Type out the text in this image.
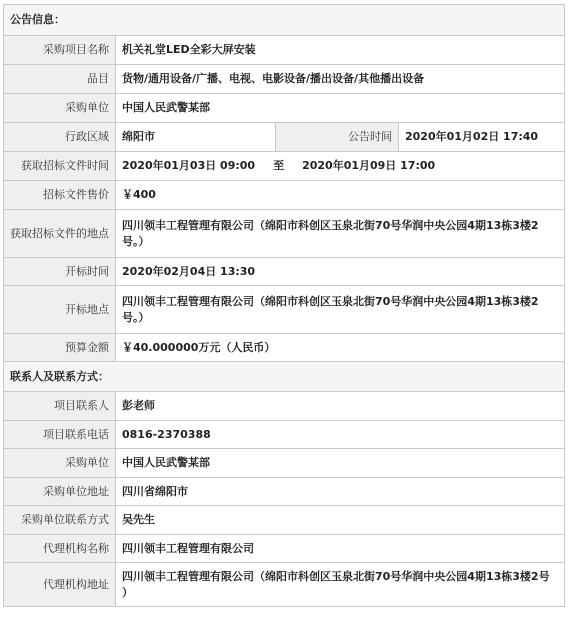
公告信息：			
采购项目名称	机关礼堂LED全彩大屏安装		
品目	货物/通用设备/广播、电视、电影设备/播出设备/其他播出设备		
采购单位	中国人民武警某部		
行政区域	绵阳市	公告时间	2020年01月02日 17:40
获取招标文件时间	2020年01月03日 09:00 至 2020年01月09日 17:00		
招标文件售价	￥400		
获取招标文件的地点	四川领丰工程管理有限公司（绵阳市科创区玉泉北街70号华润中央公园4期13栋3楼2号。）		
开标时间	2020年02月04日 13:30		
开标地点	四川领丰工程管理有限公司（绵阳市科创区玉泉北街70号华润中央公园4期13栋3楼2号。）		
预算金额	￥40.000000万元（人民币）		
联系人及联系方式：			
项目联系人	彭老师		
项目联系电话	0816-2370388		
采购单位	中国人民武警某部		
采购单位地址	四川省绵阳市		
采购单位联系方式	吴先生		
代理机构名称	四川领丰工程管理有限公司		
代理机构地址	四川领丰工程管理有限公司（绵阳市科创区玉泉北街70号华润中央公园4期13栋3楼2号 ）		
